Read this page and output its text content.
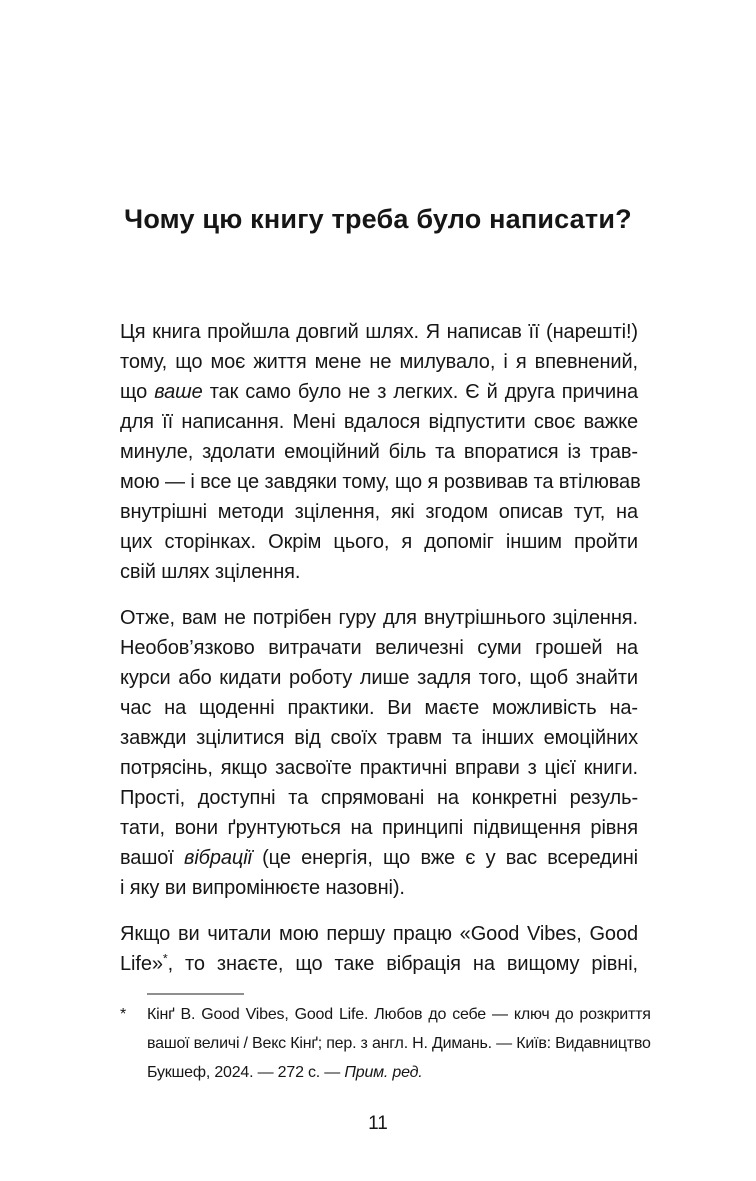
Чому цю книгу треба було написати?

Ця книга пройшла довгий шлях. Я написав її (нарешті!)
тому, що моє життя мене не милувало, і я впевнений,
що ваше так само було не з легких. Є й друга причина
для її написання. Мені вдалося відпустити своє важке
минуле, здолати емоційний біль та впоратися із трав-
мою — і все це завдяки тому, що я розвивав та втілював
внутрішні методи зцілення, які згодом описав тут, на
цих сторінках. Окрім цього, я допоміг іншим пройти
свій шлях зцілення.

Отже, вам не потрібен гуру для внутрішнього зцілення.
Необов’язково витрачати величезні суми грошей на
курси або кидати роботу лише задля того, щоб знайти
час на щоденні практики. Ви маєте можливість на-
завжди зцілитися від своїх травм та інших емоційних
потрясінь, якщо засвоїте практичні вправи з цієї книги.
Прості, доступні та спрямовані на конкретні резуль-
тати, вони ґрунтуються на принципі підвищення рівня
вашої вібрації (це енергія, що вже є у вас всередині
і яку ви випромінюєте назовні).

Якщо ви читали мою першу працю «Good Vibes, Good
Life»*, то знаєте, що таке вібрація на вищому рівні,

*	Кінґ В. Good Vibes, Good Life. Любов до себе — ключ до розкриття
вашої величі / Векс Кінґ; пер. з англ. Н. Димань. — Київ: Видавництво
Букшеф, 2024. — 272 с. — Прим. ред.
11
